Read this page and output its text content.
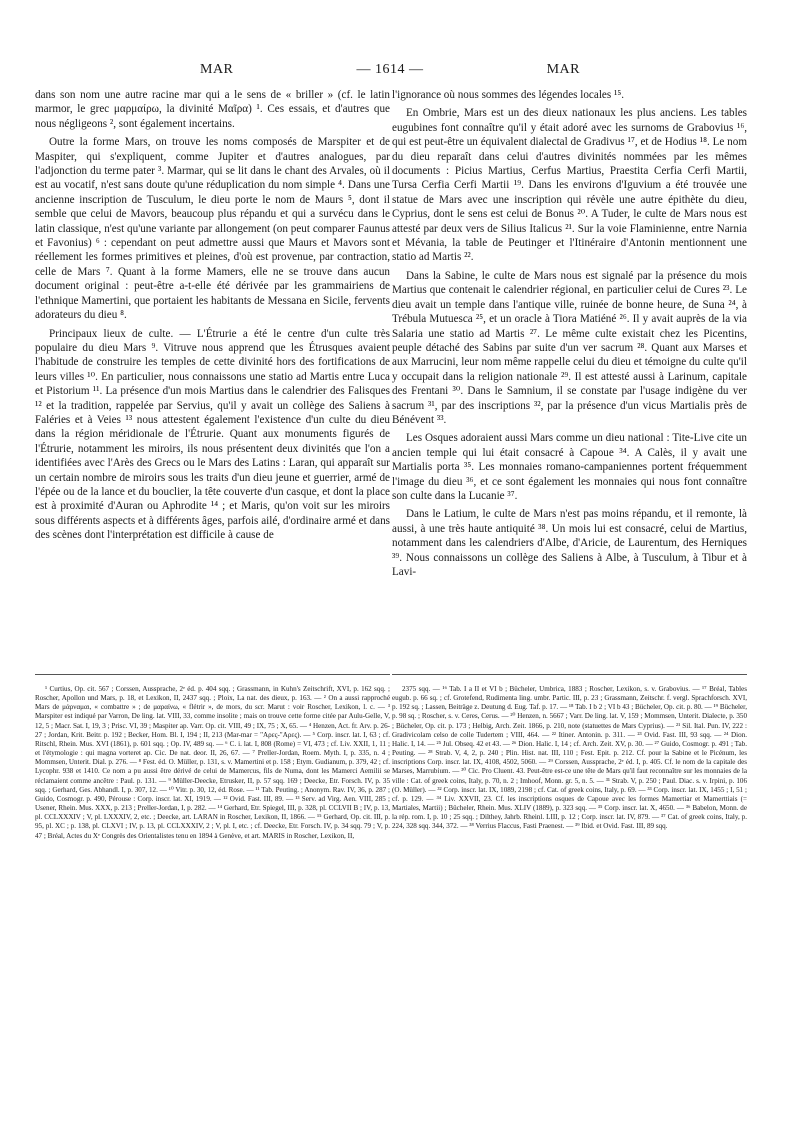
MAR	— 1614 —	MAR

dans son nom une autre racine mar qui a le sens de « briller » (cf. le latin marmor, le grec μαρμαίρω, la divinité Μαῖρα) ¹. Ces essais, et d'autres que nous négligeons ², sont également incertains.

Outre la forme Mars, on trouve les noms composés de Marspiter et de Maspiter, qui s'expliquent, comme Jupiter et d'autres analogues, par l'adjonction du terme pater ³. Marmar, qui se lit dans le chant des Arvales, où il est au vocatif, n'est sans doute qu'une réduplication du nom simple ⁴. Dans une ancienne inscription de Tusculum, le dieu porte le nom de Maurs ⁵, dont il semble que celui de Mavors, beaucoup plus répandu et qui a survécu dans le latin classique, n'est qu'une variante par allongement (on peut comparer Faunus et Favonius) ⁶ : cependant on peut admettre aussi que Maurs et Mavors sont réellement les formes primitives et pleines, d'où est provenue, par contraction, celle de Mars ⁷. Quant à la forme Mamers, elle ne se trouve dans aucun document original : peut-être a-t-elle été dérivée par les grammairiens de l'ethnique Mamertini, que portaient les habitants de Messana en Sicile, fervents adorateurs du dieu ⁸.

Principaux lieux de culte. — L'Étrurie a été le centre d'un culte très populaire du dieu Mars ⁹. Vitruve nous apprend que les Étrusques avaient l'habitude de construire les temples de cette divinité hors des fortifications de leurs villes ¹⁰. En particulier, nous connaissons une statio ad Martis entre Luca et Pistorium ¹¹. La présence d'un mois Martius dans le calendrier des Falisques ¹² et la tradition, rappelée par Servius, qu'il y avait un collège des Saliens à Faléries et à Veies ¹³ nous attestent également l'existence d'un culte du dieu dans la région méridionale de l'Étrurie. Quant aux monuments figurés de l'Étrurie, notamment les miroirs, ils nous présentent deux divinités que l'on a identifiées avec l'Arès des Grecs ou le Mars des Latins : Laran, qui apparaît sur un certain nombre de miroirs sous les traits d'un dieu jeune et guerrier, armé de l'épée ou de la lance et du bouclier, la tête couverte d'un casque, et dont la place est à proximité d'Auran ou Aphrodite ¹⁴ ; et Maris, qu'on voit sur les miroirs sous différents aspects et à différents âges, parfois ailé, d'ordinaire armé et dans des scènes dont l'interprétation est difficile à cause de

l'ignorance où nous sommes des légendes locales ¹⁵.

En Ombrie, Mars est un des dieux nationaux les plus anciens. Les tables eugubines font connaître qu'il y était adoré avec les surnoms de Grabovius ¹⁶, qui est peut-être un équivalent dialectal de Gradivus ¹⁷, et de Hodius ¹⁸. Le nom du dieu reparaît dans celui d'autres divinités nommées par les mêmes documents : Picius Martius, Cerfus Martius, Praestita Cerfia Cerfi Martii, Tursa Cerfia Cerfi Martii ¹⁹. Dans les environs d'Iguvium a été trouvée une statue de Mars avec une inscription qui révèle une autre épithète du dieu, Cyprius, dont le sens est celui de Bonus ²⁰. A Tuder, le culte de Mars nous est attesté par deux vers de Silius Italicus ²¹. Sur la voie Flaminienne, entre Narnia et Mévania, la table de Peutinger et l'Itinéraire d'Antonin mentionnent une statio ad Martis ²².

Dans la Sabine, le culte de Mars nous est signalé par la présence du mois Martius que contenait le calendrier régional, en particulier celui de Cures ²³. Le dieu avait un temple dans l'antique ville, ruinée de bonne heure, de Suna ²⁴, à Trébula Mutuesca ²⁵, et un oracle à Tiora Matiéné ²⁶. Il y avait auprès de la via Salaria une statio ad Martis ²⁷. Le même culte existait chez les Picentins, peuple détaché des Sabins par suite d'un ver sacrum ²⁸. Quant aux Marses et aux Marrucini, leur nom même rappelle celui du dieu et témoigne du culte qu'il y occupait dans la religion nationale ²⁹. Il est attesté aussi à Larinum, capitale des Frentani ³⁰. Dans le Samnium, il se constate par l'usage indigène du ver sacrum ³¹, par des inscriptions ³², par la présence d'un vicus Martialis près de Bénévent ³³.

Les Osques adoraient aussi Mars comme un dieu national : Tite-Live cite un ancien temple qui lui était consacré à Capoue ³⁴. A Calès, il y avait une Martialis porta ³⁵. Les monnaies romano-campaniennes portent fréquemment l'image du dieu ³⁶, et ce sont également les monnaies qui nous font connaître son culte dans la Lucanie ³⁷.

Dans le Latium, le culte de Mars n'est pas moins répandu, et il remonte, là aussi, à une très haute antiquité ³⁸. Un mois lui est consacré, celui de Martius, notamment dans les calendriers d'Albe, d'Aricie, de Laurentum, des Herniques ³⁹. Nous connaissons un collège des Saliens à Albe, à Tusculum, à Tibur et à Lavi-

¹ Curtius, Op. cit. 567 ; Corssen, Aussprache, 2ᵉ éd. p. 404 sqq. ; Grassmann, in Kuhn's Zeitschrift, XVI, p. 162 sqq. ; Roscher, Apollon und Mars, p. 18, et Lexikon, II, 2437 sqq. ; Ploix, La nat. des dieux, p. 163. — ² On a aussi rapproché Mars de μάρναμαι, « combattre » ; de μαραίνω, « flétrir », de mors, du scr. Marut : voir Roscher, Lexikon, l. c. — ³ Marspiter est indiqué par Varron, De ling. lat. VIII, 33, comme insolite ; mais on trouve cette forme citée par Aulu-Gelle, V, 12, 5 ; Macr. Sat. I, 19, 3 ; Prisc. VI, 39 ; Maspiter ap. Varr. Op. cit. VIII, 49 ; IX, 75 ; X, 65. — ⁴ Henzen, Act. fr. Arv. p. 26-27 ; Jordan, Krit. Beitr. p. 192 ; Becker, Hom. Bl. I, 194 ; II, 213 (Mar-mar = "Αρες-"Αρες). — ⁵ Corp. inscr. lat. I, 63 ; cf. Ritschl, Rhein. Mus. XVI (1861), p. 601 sqq. ; Op. IV, 489 sq. — ⁶ C. i. lat. I, 808 (Rome) = VI, 473 ; cf. Liv. XXII, 1, 11 ; et l'étymologie : qui magna vorteret ap. Cic. De nat. deor. II, 26, 67. — ⁷ Preller-Jordan, Roem. Myth. I, p. 335, n. 4 ; Mommsen, Unterit. Dial. p. 276. — ⁸ Fest. éd. O. Müller, p. 131, s. v. Mamertini et p. 158 ; Etym. Gudianum, p. 379, 42 ; cf. Lycophr. 938 et 1410. Ce nom a pu aussi être dérivé de celui de Mamercus, fils de Numa, dont les Mamerci Aemilii se réclamaient comme ancêtre : Paul. p. 131. — ⁹ Müller-Deecke, Etrusker, II, p. 57 sqq. 169 ; Deecke, Etr. Forsch. IV, p. 35 sqq. ; Gerhard, Ges. Abhandl. I, p. 307, 12. — ¹⁰ Vitr. p. 30, 12, éd. Rose. — ¹¹ Tab. Peuting. ; Anonym. Rav. IV, 36, p. 287 ; Guido, Cosmogr. p. 490, Pérouse : Corp. inscr. lat. XI, 1919. — ¹² Ovid. Fast. III, 89. — ¹³ Serv. ad Virg. Aen. VIII, 285 ; Usener, Rhein. Mus. XXX, p. 213 ; Preller-Jordan, I, p. 282. — ¹⁴ Gerhard, Etr. Spiegel, III, p. 328, pl. CCLVII B ; IV, p. 13, pl. CCLXXXIV ; V, pl. LXXXIV, 2, etc. ; Deecke, art. LARAN in Roscher, Lexikon, II, 1866. — ¹⁵ Gerhard, Op. cit. III, p. 95, pl. XC ; p. 138, pl. CLXVI ; IV, p. 13, pl. CCLXXXIV, 2 ; V, pl. I, etc. ; cf. Deecke, Etr. Forsch. IV, p. 34 sqq. 79 ; V, p. 47 ; Bréal, Actes du Xᵉ Congrès des Orientalistes tenu en 1894 à Genève, et art. MARIS in Roscher, Lexikon, II,

2375 sqq. — ¹⁶ Tab. I a II et VI b ; Bücheler, Umbrica, 1883 ; Roscher, Lexikon, s. v. Grabovius. — ¹⁷ Bréal, Tables eugub. p. 66 sq. ; cf. Grotefend, Rudimenta ling. umbr. Partic. III, p. 23 ; Grassmann, Zeitschr. f. vergl. Sprachforsch. XVI, p. 192 sq. ; Lassen, Beiträge z. Deutung d. Eug. Taf. p. 17. — ¹⁸ Tab. I b 2 ; VI b 43 ; Bücheler, Op. cit. p. 80. — ¹⁹ Bücheler, p. 98 sq. ; Roscher, s. v. Ceres, Cerus. — ²⁰ Henzen, n. 5667 ; Varr. De ling. lat. V, 159 ; Mommsen, Unterit. Dialecte, p. 350 ; Bücheler, Op. cit. p. 173 ; Helbig, Arch. Zeit. 1866, p. 210, note (statuettes de Mars Cyprius). — ²¹ Sil. Ital. Pun. IV, 222 : Gradivicolam celso de colle Tudertem ; VIII, 464. — ²² Itiner. Antonin. p. 311. — ²³ Ovid. Fast. III, 93 sqq. — ²⁴ Dion. Halic. I, 14. — ²⁵ Jul. Obseq. 42 et 43. — ²⁶ Dion. Halic. I, 14 ; cf. Arch. Zeit. XV, p. 30. — ²⁷ Guido, Cosmogr. p. 491 ; Tab. Peuting. — ²⁸ Strab. V, 4, 2, p. 240 ; Plin. Hist. nat. III, 110 ; Fest. Epit. p. 212. Cf. pour la Sabine et le Picénum, les inscriptions Corp. inscr. lat. IX, 4108, 4502, 5060. — ²⁹ Corssen, Aussprache, 2ᵉ éd. I, p. 405. Cf. le nom de la capitale des Marses, Marrubium. — ³⁰ Cic. Pro Cluent. 43. Peut-être est-ce une tête de Mars qu'il faut reconnaître sur les monnaies de la ville : Cat. of greek coins, Italy, p. 70, n. 2 ; Imhoof, Monn. gr. 5, n. 5. — ³¹ Strab. V, p. 250 ; Paul. Diac. s. v. Irpini, p. 106 (O. Müller). — ³² Corp. inscr. lat. IX, 1089, 2198 ; cf. Cat. of greek coins, Italy, p. 69. — ³³ Corp. inscr. lat. IX, 1455 ; I, 51 ; cf. p. 129. — ³⁴ Liv. XXVII, 23. Cf. les inscriptions osques de Capoue avec les formes Mamertiar et Mamerttiais (= Martiales, Martii) ; Bücheler, Rhein. Mus. XLIV (1889), p. 323 sqq. — ³⁵ Corp. inscr. lat. X, 4650. — ³⁶ Babelon, Monn. de la rép. rom. I, p. 10 ; 25 sqq. ; Dilthey, Jahrb. Rheinl. LIII, p. 12 ; Corp. inscr. lat. IV, 879. — ³⁷ Cat. of greek coins, Italy, p. 224, 328 sqq. 344, 372. — ³⁸ Verrius Flaccus, Fasti Praenest. — ³⁹ Ibid. et Ovid. Fast. III, 89 sqq.
